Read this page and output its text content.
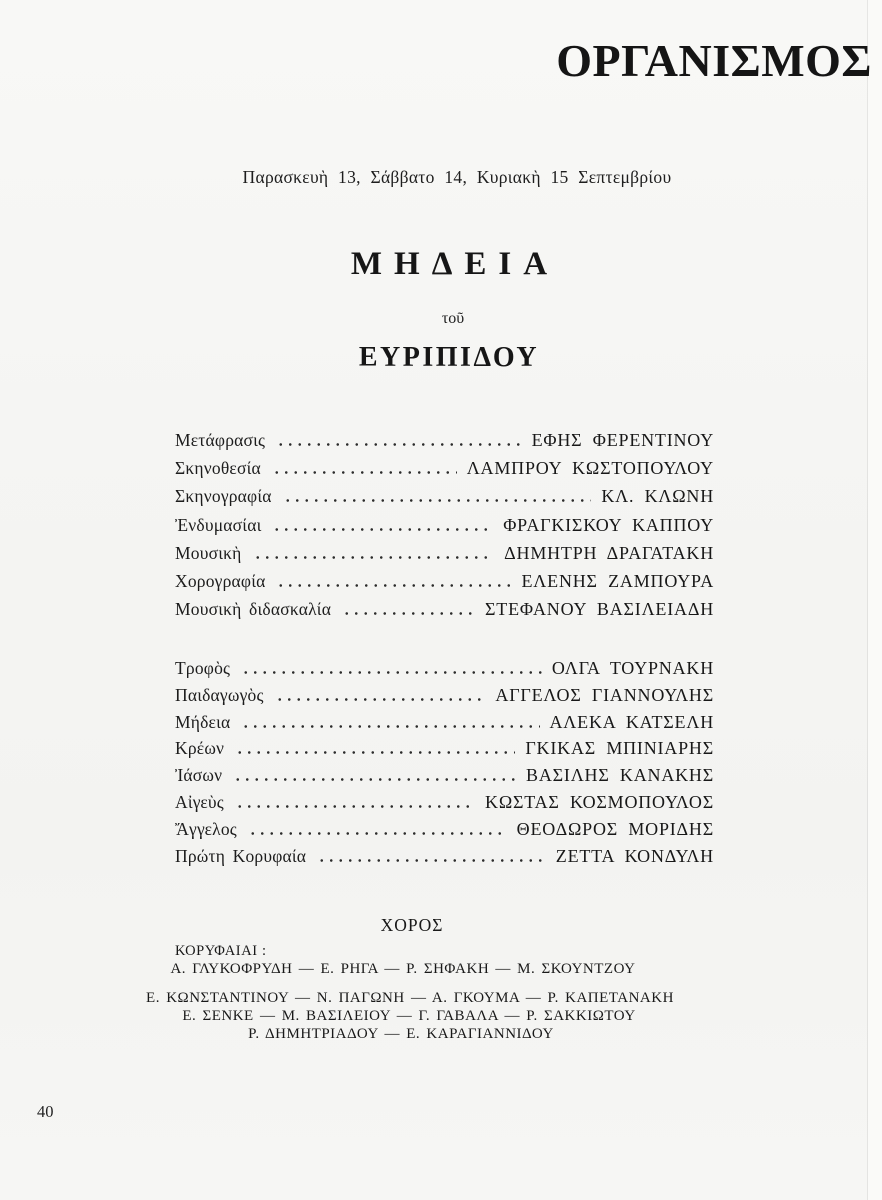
ΟΡΓΑΝΙΣΜΟΣ
Παρασκευὴ 13, Σάββατο 14, Κυριακὴ 15 Σεπτεμβρίου
ΜΗΔΕΙΑ
τοῦ
ΕΥΡΙΠΙΔΟΥ
Μετάφρασις	ΕΦΗΣ ΦΕΡΕΝΤΙΝΟΥ
Σκηνοθεσία	ΛΑΜΠΡΟΥ ΚΩΣΤΟΠΟΥΛΟΥ
Σκηνογραφία	ΚΛ. ΚΛΩΝΗ
Ἐνδυμασίαι	ΦΡΑΓΚΙΣΚΟΥ ΚΑΠΠΟΥ
Μουσικὴ	ΔΗΜΗΤΡΗ ΔΡΑΓΑΤΑΚΗ
Χορογραφία	ΕΛΕΝΗΣ ΖΑΜΠΟΥΡΑ
Μουσικὴ διδασκαλία	ΣΤΕΦΑΝΟΥ ΒΑΣΙΛΕΙΑΔΗ
Τροφὸς	ΟΛΓΑ ΤΟΥΡΝΑΚΗ
Παιδαγωγὸς	ΑΓΓΕΛΟΣ ΓΙΑΝΝΟΥΛΗΣ
Μήδεια	ΑΛΕΚΑ ΚΑΤΣΕΛΗ
Κρέων	ΓΚΙΚΑΣ ΜΠΙΝΙΑΡΗΣ
Ἰάσων	ΒΑΣΙΛΗΣ ΚΑΝΑΚΗΣ
Αἰγεὺς	ΚΩΣΤΑΣ ΚΟΣΜΟΠΟΥΛΟΣ
Ἄγγελος	ΘΕΟΔΩΡΟΣ ΜΟΡΙΔΗΣ
Πρώτη Κορυφαία	ΖΕΤΤΑ ΚΟΝΔΥΛΗ
ΧΟΡΟΣ
ΚΟΡΥΦΑΙΑΙ :
Α. ΓΛΥΚΟΦΡΥΔΗ — Ε. ΡΗΓΑ — Ρ. ΣΗΦΑΚΗ — Μ. ΣΚΟΥΝΤΖΟΥ
Ε. ΚΩΝΣΤΑΝΤΙΝΟΥ — Ν. ΠΑΓΩΝΗ — Α. ΓΚΟΥΜΑ — Ρ. ΚΑΠΕΤΑΝΑΚΗ
Ε. ΣΕΝΚΕ — Μ. ΒΑΣΙΛΕΙΟΥ — Γ. ΓΑΒΑΛΑ — Ρ. ΣΑΚΚΙΩΤΟΥ
Ρ. ΔΗΜΗΤΡΙΑΔΟΥ — Ε. ΚΑΡΑΓΙΑΝΝΙΔΟΥ
40
